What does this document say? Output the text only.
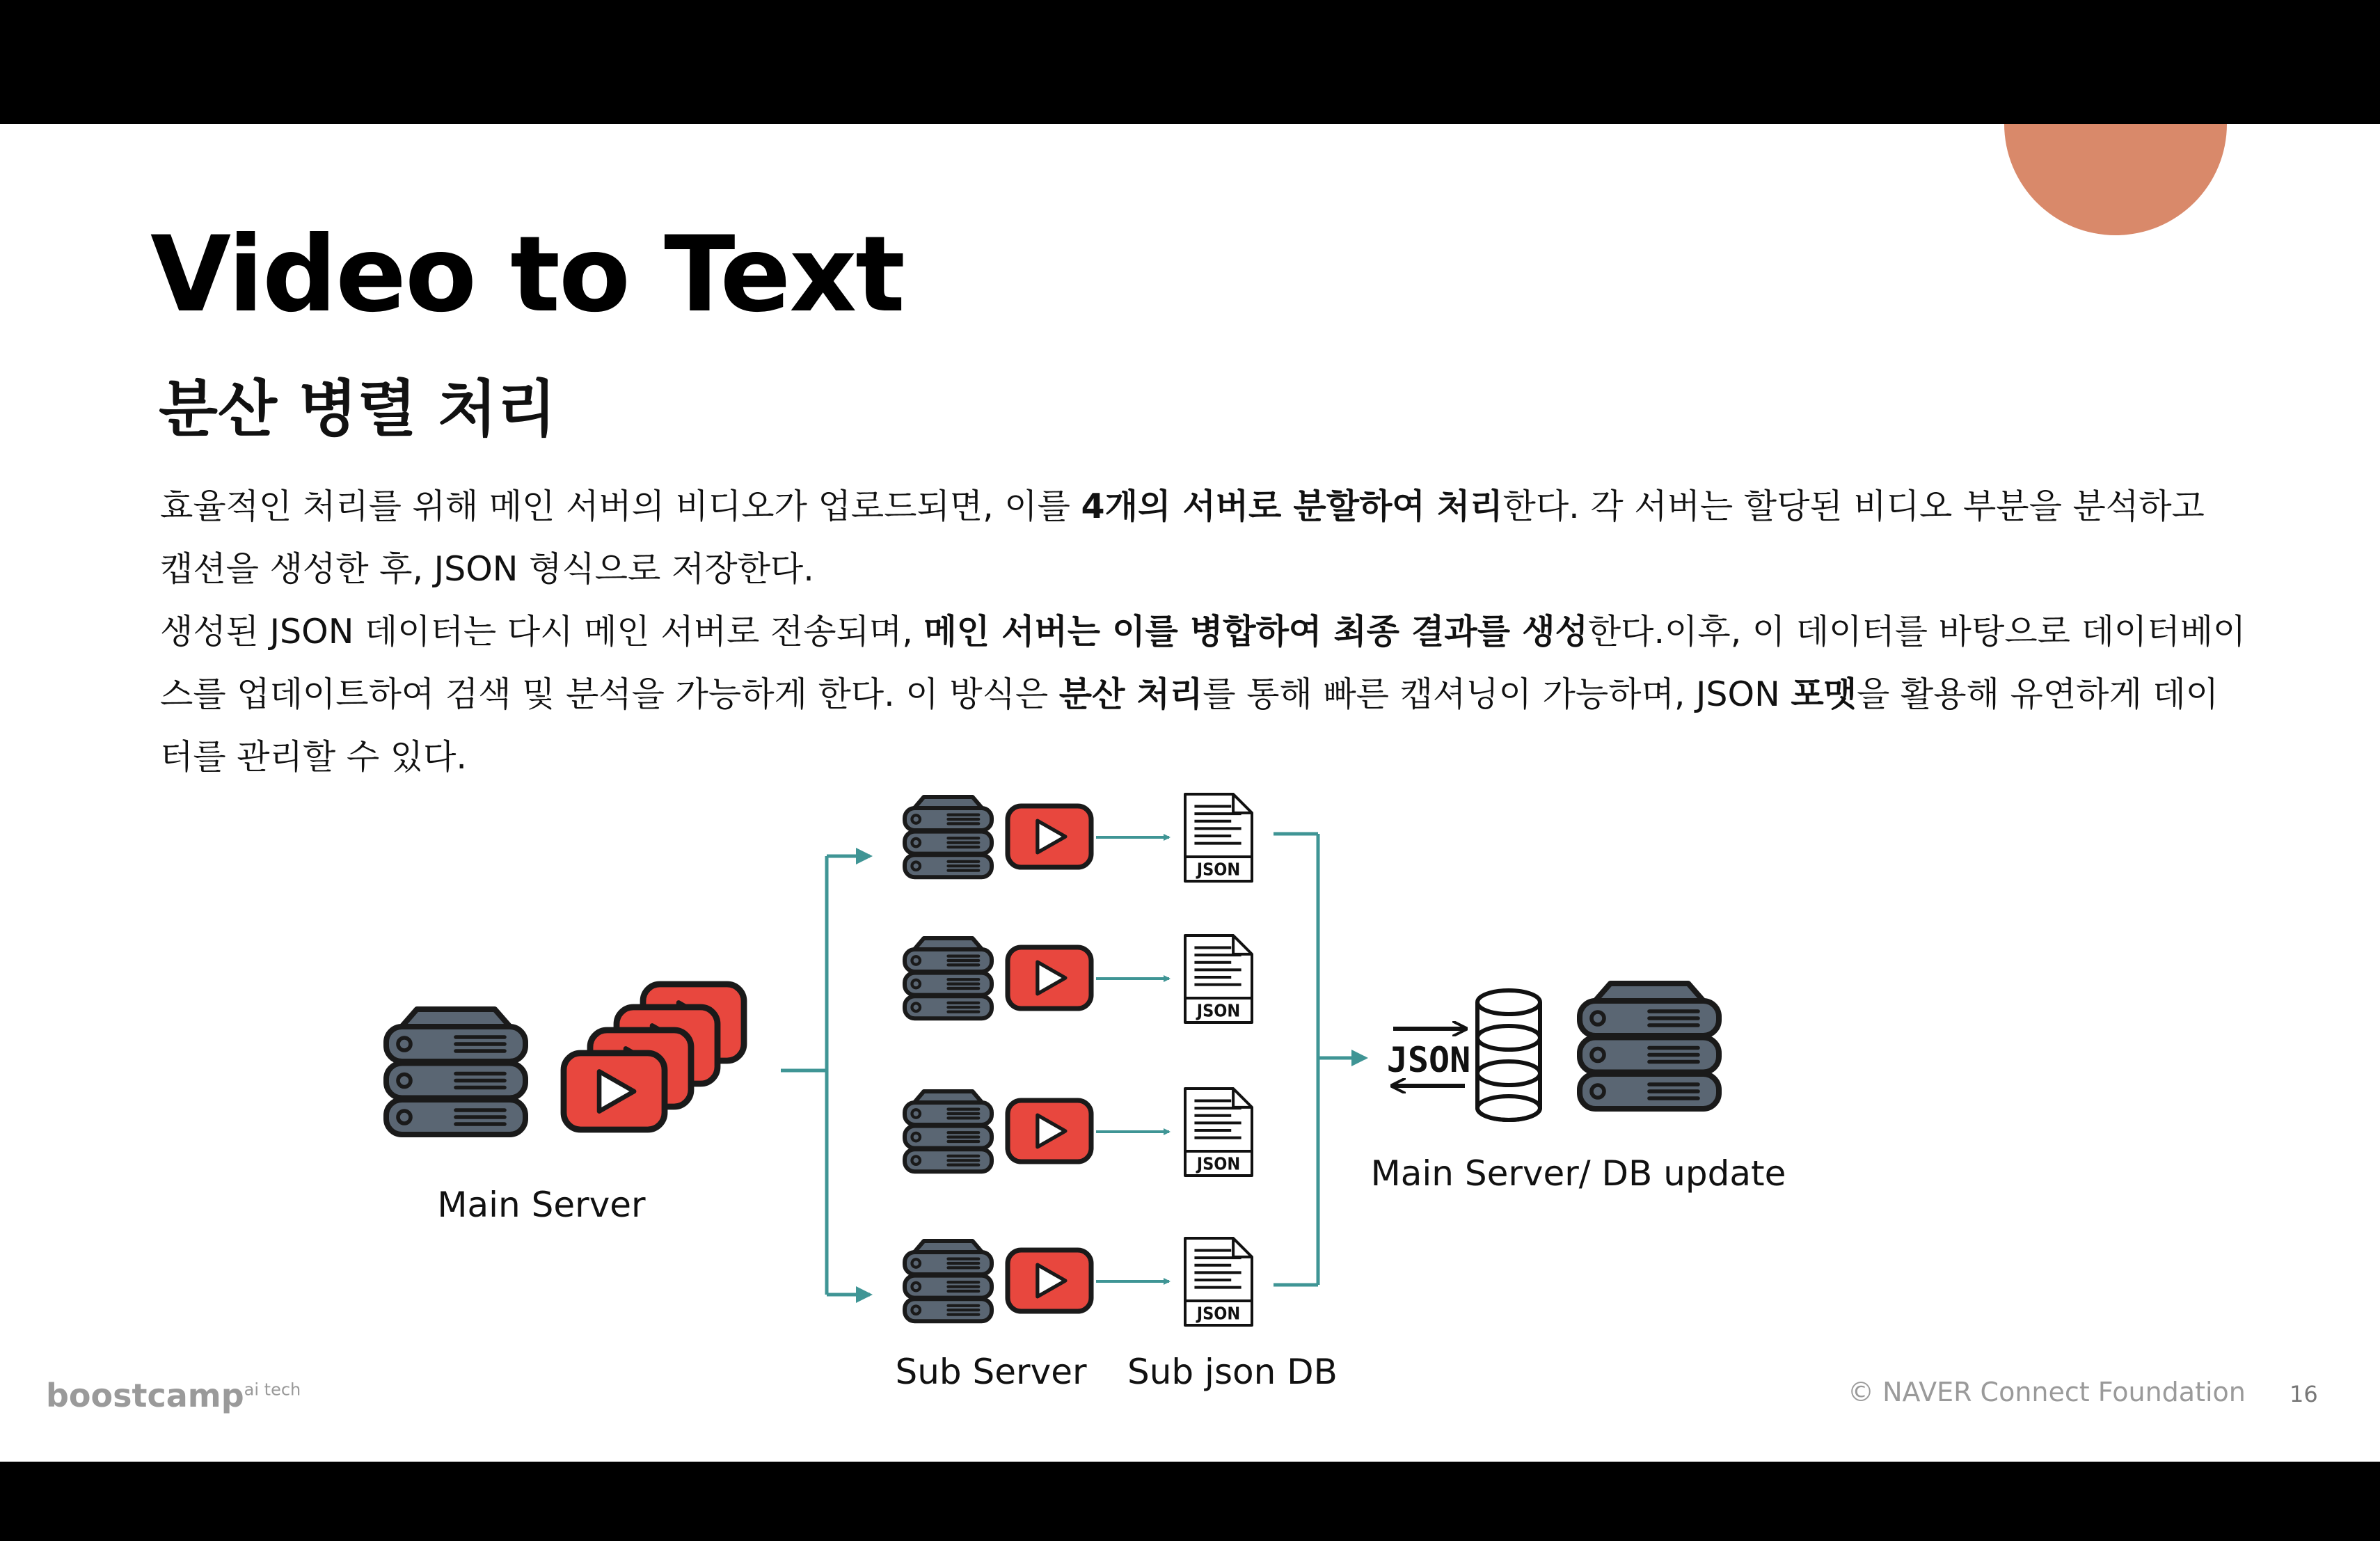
Video to Text
분산 병렬 처리

효율적인 처리를 위해 메인 서버의 비디오가 업로드되면, 이를 4개의 서버로 분할하여 처리한다. 각 서버는 할당된 비디오 부분을 분석하고 캡션을 생성한 후, JSON 형식으로 저장한다.

생성된 JSON 데이터는 다시 메인 서버로 전송되며, 메인 서버는 이를 병합하여 최종 결과를 생성한다.이후, 이 데이터를 바탕으로 데이터베이스를 업데이트하여 검색 및 분석을 가능하게 한다. 이 방식은 분산 처리를 통해 빠른 캡셔닝이 가능하며, JSON 포맷을 활용해 유연하게 데이터를 관리할 수 있다.

JSON
JSON
JSON
JSON
JSON
Main Server
Sub Server Sub json DB
Main Server/ DB update
boostcamp$^{ai tech}$	© NAVER Connect Foundation 16
